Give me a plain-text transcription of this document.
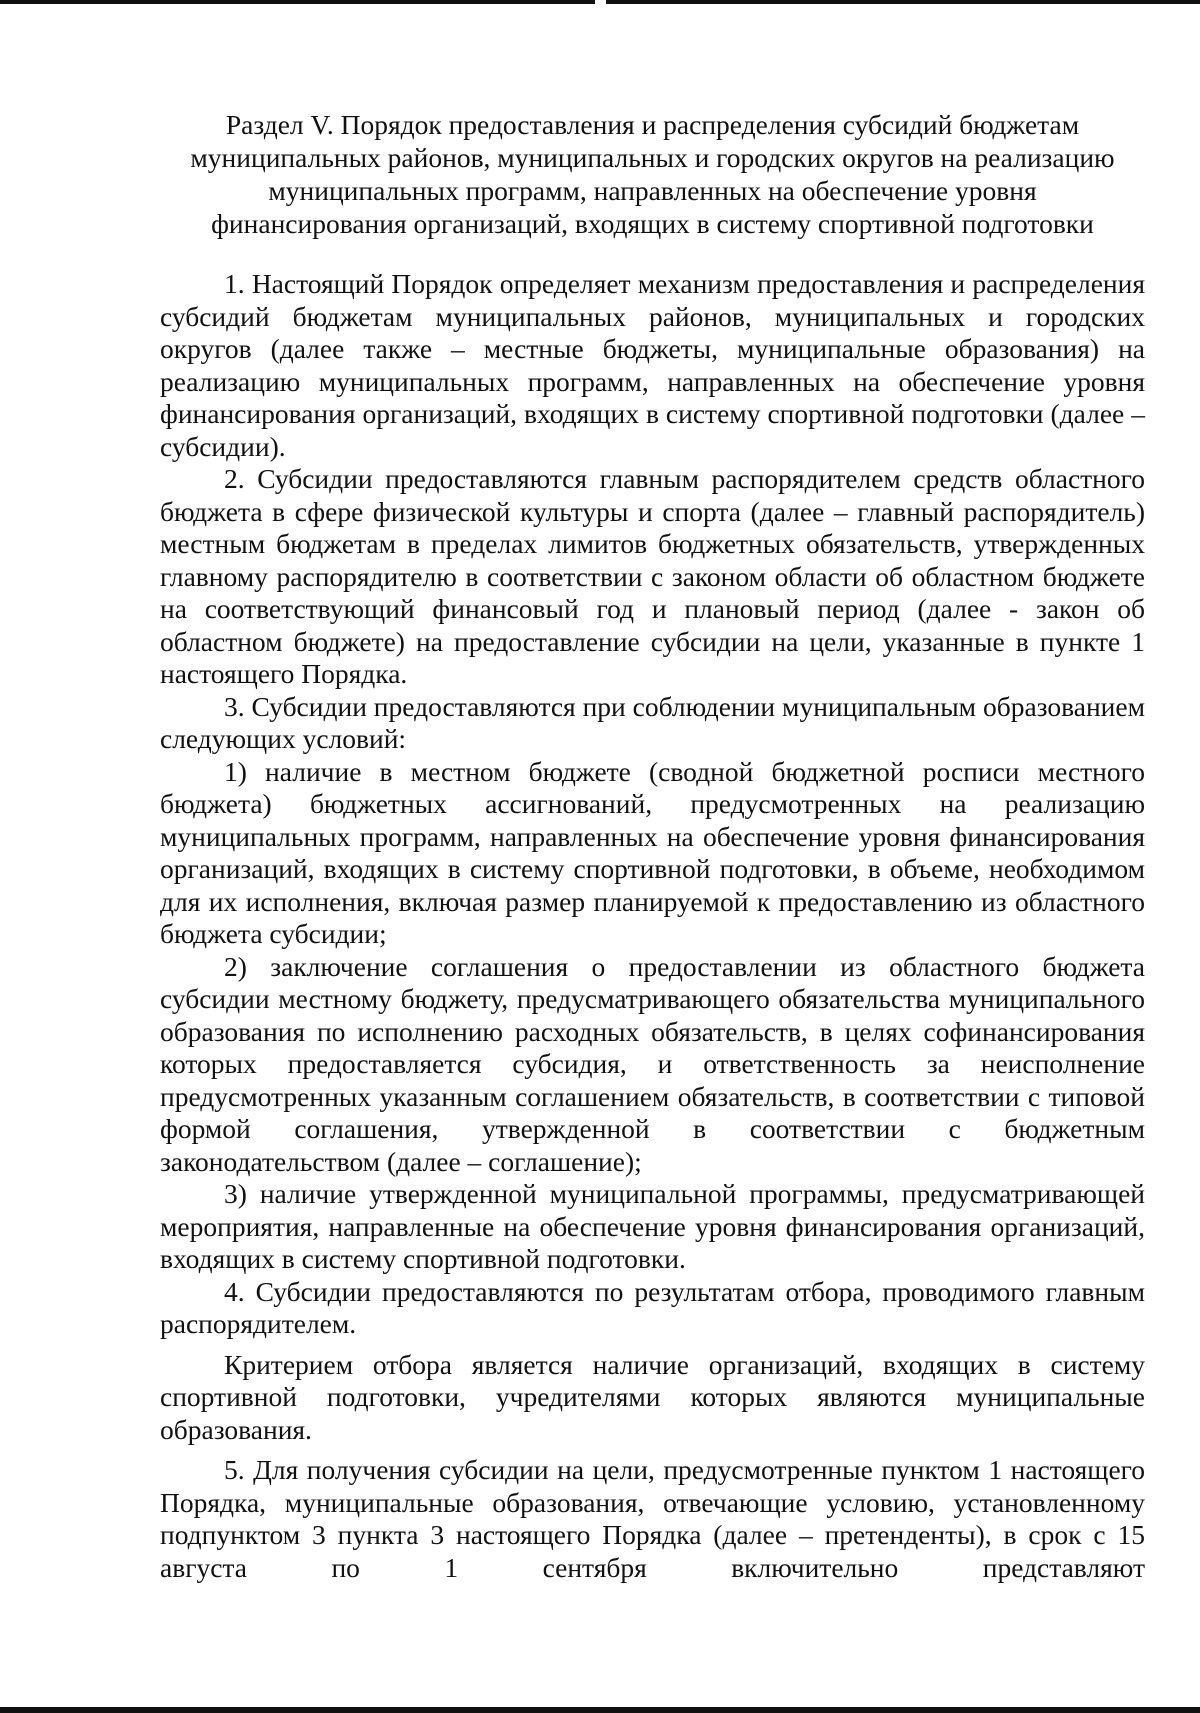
Раздел V. Порядок предоставления и распределения субсидий бюджетам муниципальных районов, муниципальных и городских округов на реализацию муниципальных программ, направленных на обеспечение уровня финансирования организаций, входящих в систему спортивной подготовки

1. Настоящий Порядок определяет механизм предоставления и распределения субсидий бюджетам муниципальных районов, муниципальных и городских округов (далее также – местные бюджеты, муниципальные образования) на реализацию муниципальных программ, направленных на обеспечение уровня финансирования организаций, входящих в систему спортивной подготовки (далее – субсидии).

2. Субсидии предоставляются главным распорядителем средств областного бюджета в сфере физической культуры и спорта (далее – главный распорядитель) местным бюджетам в пределах лимитов бюджетных обязательств, утвержденных главному распорядителю в соответствии с законом области об областном бюджете на соответствующий финансовый год и плановый период (далее - закон об областном бюджете) на предоставление субсидии на цели, указанные в пункте 1 настоящего Порядка.

3. Субсидии предоставляются при соблюдении муниципальным образованием следующих условий:

1) наличие в местном бюджете (сводной бюджетной росписи местного бюджета) бюджетных ассигнований, предусмотренных на реализацию муниципальных программ, направленных на обеспечение уровня финансирования организаций, входящих в систему спортивной подготовки, в объеме, необходимом для их исполнения, включая размер планируемой к предоставлению из областного бюджета субсидии;

2) заключение соглашения о предоставлении из областного бюджета субсидии местному бюджету, предусматривающего обязательства муниципального образования по исполнению расходных обязательств, в целях софинансирования которых предоставляется субсидия, и ответственность за неисполнение предусмотренных указанным соглашением обязательств, в соответствии с типовой формой соглашения, утвержденной в соответствии с бюджетным законодательством (далее – соглашение);

3) наличие утвержденной муниципальной программы, предусматривающей мероприятия, направленные на обеспечение уровня финансирования организаций, входящих в систему спортивной подготовки.

4. Субсидии предоставляются по результатам отбора, проводимого главным распорядителем.

Критерием отбора является наличие организаций, входящих в систему спортивной подготовки, учредителями которых являются муниципальные образования.

5. Для получения субсидии на цели, предусмотренные пунктом 1 настоящего Порядка, муниципальные образования, отвечающие условию, установленному подпунктом 3 пункта 3 настоящего Порядка (далее – претенденты), в срок с 15 августа по 1 сентября включительно представляют
